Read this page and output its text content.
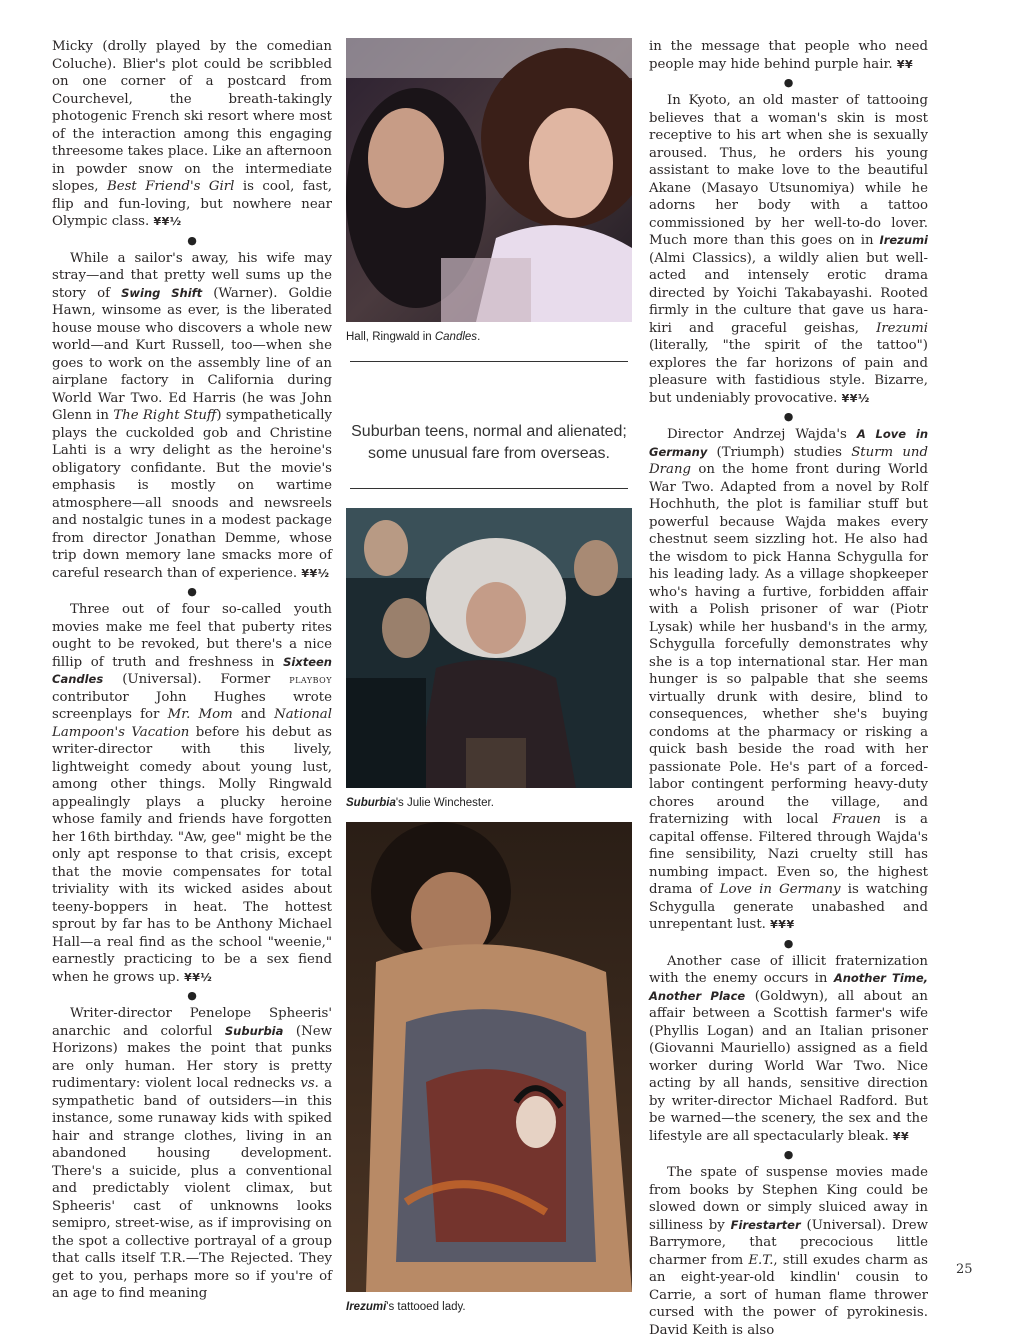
Micky (drolly played by the comedian Coluche). Blier's plot could be scribbled on one corner of a postcard from Courchevel, the breath-takingly photogenic French ski resort where most of the interaction among this engaging threesome takes place. Like an afternoon in powder snow on the intermediate slopes, Best Friend's Girl is cool, fast, flip and fun-loving, but nowhere near Olympic class. ¥¥½

●

While a sailor's away, his wife may stray—and that pretty well sums up the story of Swing Shift (Warner). Goldie Hawn, winsome as ever, is the liberated house mouse who discovers a whole new world—and Kurt Russell, too—when she goes to work on the assembly line of an airplane factory in California during World War Two. Ed Harris (he was John Glenn in The Right Stuff) sympathetically plays the cuckolded gob and Christine Lahti is a wry delight as the heroine's obligatory confidante. But the movie's emphasis is mostly on wartime atmosphere—all snoods and newsreels and nostalgic tunes in a modest package from director Jonathan Demme, whose trip down memory lane smacks more of careful research than of experience. ¥¥½

●

Three out of four so-called youth movies make me feel that puberty rites ought to be revoked, but there's a nice fillip of truth and freshness in Sixteen Candles (Universal). Former playboy contributor John Hughes wrote screenplays for Mr. Mom and National Lampoon's Vacation before his debut as writer-director with this lively, lightweight comedy about young lust, among other things. Molly Ringwald appealingly plays a plucky heroine whose family and friends have forgotten her 16th birthday. "Aw, gee" might be the only apt response to that crisis, except that the movie compensates for total triviality with its wicked asides about teeny-boppers in heat. The hottest sprout by far has to be Anthony Michael Hall—a real find as the school "weenie," earnestly practicing to be a sex fiend when he grows up. ¥¥½

●

Writer-director Penelope Spheeris' anarchic and colorful Suburbia (New Horizons) makes the point that punks are only human. Her story is pretty rudimentary: violent local rednecks vs. a sympathetic band of outsiders—in this instance, some runaway kids with spiked hair and strange clothes, living in an abandoned housing development. There's a suicide, plus a conventional and predictably violent climax, but Spheeris' cast of unknowns looks semipro, street-wise, as if improvising on the spot a collective portrayal of a group that calls itself T.R.—The Rejected. They get to you, perhaps more so if you're of an age to find meaning

Hall, Ringwald in Candles.
Suburban teens, normal and alienated; some unusual fare from overseas.
Suburbia's Julie Winchester.
Irezumi's tattooed lady.

in the message that people who need people may hide behind purple hair. ¥¥

●

In Kyoto, an old master of tattooing believes that a woman's skin is most receptive to his art when she is sexually aroused. Thus, he orders his young assistant to make love to the beautiful Akane (Masayo Utsunomiya) while he adorns her body with a tattoo commissioned by her well-to-do lover. Much more than this goes on in Irezumi (Almi Classics), a wildly alien but well-acted and intensely erotic drama directed by Yoichi Takabayashi. Rooted firmly in the culture that gave us hara-kiri and graceful geishas, Irezumi (literally, "the spirit of the tattoo") explores the far horizons of pain and pleasure with fastidious style. Bizarre, but undeniably provocative. ¥¥½

●

Director Andrzej Wajda's A Love in Germany (Triumph) studies Sturm und Drang on the home front during World War Two. Adapted from a novel by Rolf Hochhuth, the plot is familiar stuff but powerful because Wajda makes every chestnut seem sizzling hot. He also had the wisdom to pick Hanna Schygulla for his leading lady. As a village shopkeeper who's having a furtive, forbidden affair with a Polish prisoner of war (Piotr Lysak) while her husband's in the army, Schygulla forcefully demonstrates why she is a top international star. Her man hunger is so palpable that she seems virtually drunk with desire, blind to consequences, whether she's buying condoms at the pharmacy or risking a quick bash beside the road with her passionate Pole. He's part of a forced-labor contingent performing heavy-duty chores around the village, and fraternizing with local Frauen is a capital offense. Filtered through Wajda's fine sensibility, Nazi cruelty still has numbing impact. Even so, the highest drama of Love in Germany is watching Schygulla generate unabashed and unrepentant lust. ¥¥¥

●

Another case of illicit fraternization with the enemy occurs in Another Time, Another Place (Goldwyn), all about an affair between a Scottish farmer's wife (Phyllis Logan) and an Italian prisoner (Giovanni Mauriello) assigned as a field worker during World War Two. Nice acting by all hands, sensitive direction by writer-director Michael Radford. But be warned—the scenery, the sex and the lifestyle are all spectacularly bleak. ¥¥

●

The spate of suspense movies made from books by Stephen King could be slowed down or simply sluiced away in silliness by Firestarter (Universal). Drew Barrymore, that precocious little charmer from E.T., still exudes charm as an eight-year-old kindlin' cousin to Carrie, a sort of human flame thrower cursed with the power of pyrokinesis. David Keith is also

25
